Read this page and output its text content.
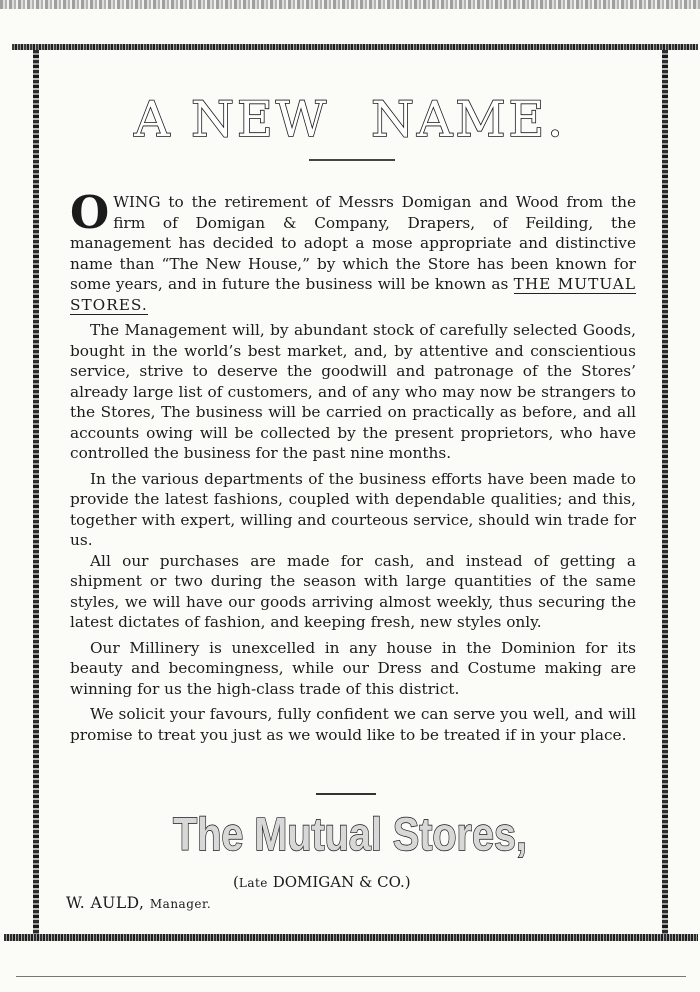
A NEW NAME.

OWING to the retirement of Messrs Domigan and Wood from the firm of Domigan & Company, Drapers, of Feilding, the management has decided to adopt a mose appropriate and distinctive name than “The New House,” by which the Store has been known for some years, and in future the business will be known as THE MUTUAL STORES.

The Management will, by abundant stock of carefully selected Goods, bought in the world’s best market, and, by attentive and conscientious service, strive to deserve the goodwill and patronage of the Stores’ already large list of customers, and of any who may now be strangers to the Stores, The business will be carried on practically as before, and all accounts owing will be collected by the present proprietors, who have controlled the business for the past nine months.

In the various departments of the business efforts have been made to provide the latest fashions, coupled with dependable qualities; and this, together with expert, willing and courteous service, should win trade for us.

All our purchases are made for cash, and instead of getting a shipment or two during the season with large quantities of the same styles, we will have our goods arriving almost weekly, thus securing the latest dictates of fashion, and keeping fresh, new styles only.

Our Millinery is unexcelled in any house in the Dominion for its beauty and becomingness, while our Dress and Costume making are winning for us the high-class trade of this district.

We solicit your favours, fully confident we can serve you well, and will promise to treat you just as we would like to be treated if in your place.

The Mutual Stores,
(Late DOMIGAN & CO.)
W. AULD, Manager.
